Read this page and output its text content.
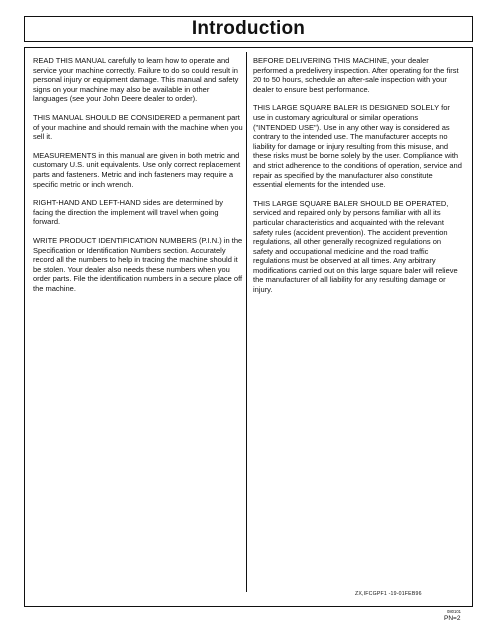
Introduction

READ THIS MANUAL carefully to learn how to operate and service your machine correctly. Failure to do so could result in personal injury or equipment damage. This manual and safety signs on your machine may also be available in other languages (see your John Deere dealer to order).

THIS MANUAL SHOULD BE CONSIDERED a permanent part of your machine and should remain with the machine when you sell it.

MEASUREMENTS in this manual are given in both metric and customary U.S. unit equivalents. Use only correct replacement parts and fasteners. Metric and inch fasteners may require a specific metric or inch wrench.

RIGHT-HAND AND LEFT-HAND sides are determined by facing the direction the implement will travel when going forward.

WRITE PRODUCT IDENTIFICATION NUMBERS (P.I.N.) in the Specification or Identification Numbers section. Accurately record all the numbers to help in tracing the machine should it be stolen. Your dealer also needs these numbers when you order parts. File the identification numbers in a secure place off the machine.

BEFORE DELIVERING THIS MACHINE, your dealer performed a predelivery inspection. After operating for the first 20 to 50 hours, schedule an after-sale inspection with your dealer to ensure best performance.

THIS LARGE SQUARE BALER IS DESIGNED SOLELY for use in customary agricultural or similar operations ("INTENDED USE"). Use in any other way is considered as contrary to the intended use. The manufacturer accepts no liability for damage or injury resulting from this misuse, and these risks must be borne solely by the user. Compliance with and strict adherence to the conditions of operation, service and repair as specified by the manufacturer also constitute essential elements for the intended use.

THIS LARGE SQUARE BALER SHOULD BE OPERATED, serviced and repaired only by persons familiar with all its particular characteristics and acquainted with the relevant safety rules (accident prevention). The accident prevention regulations, all other generally recognized regulations on safety and occupational medicine and the road traffic regulations must be observed at all times. Any arbitrary modifications carried out on this large square baler will relieve the manufacturer of all liability for any resulting damage or injury.

ZX,IFCGPF1 -19-01FEB96
080101
PN=2
